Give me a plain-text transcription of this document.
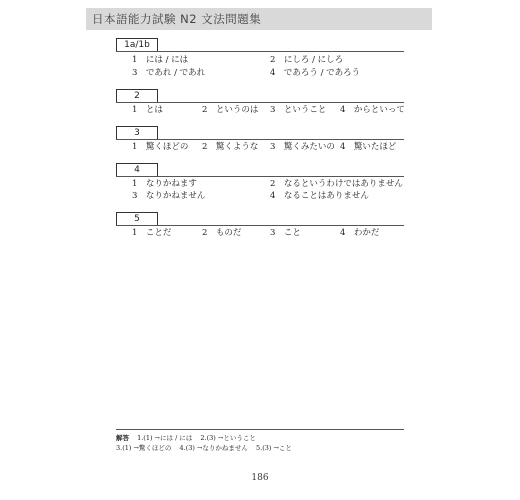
日本語能力試験 N2 文法問題集
1a/1b
1　には / には	2　にしろ / にしろ
3　であれ / であれ	4　であろう / であろう
2
1　とは	2　というのは 3　ということ 4　からといって
3
1　驚くほどの 2　驚くような 3　驚くみたいの 4　驚いたほど
4
1　なりかねます	2　なるというわけではありません
3　なりかねません	4　なることはありません
5
1　ことだ	2　ものだ	3　こと	4　わかだ
解答 1.(1) →には / には 2.(3) →ということ
3.(1) →驚くほどの 4.(3) →なりかねません 5.(3) →こと
186
